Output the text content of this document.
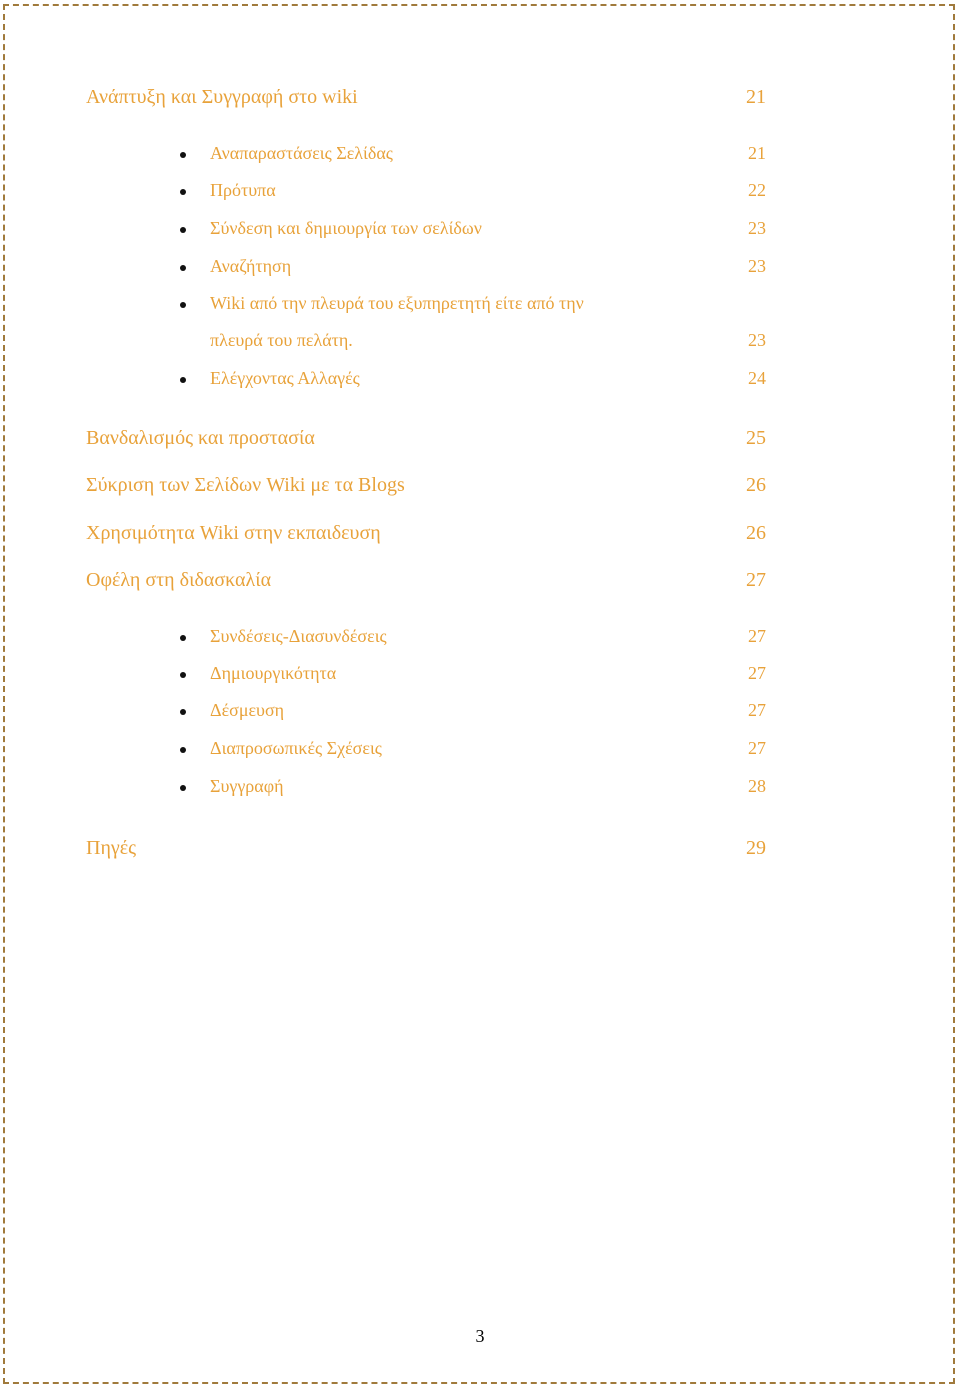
Ανάπτυξη και Συγγραφή στο wiki	21
Αναπαραστάσεις Σελίδας	21
Πρότυπα	22
Σύνδεση και δημιουργία των σελίδων	23
Αναζήτηση	23
Wiki από την πλευρά του εξυπηρετητή είτε από την
πλευρά του πελάτη.	23
Ελέγχοντας Αλλαγές	24
Βανδαλισμός και προστασία	25
Σύκριση των Σελίδων Wiki με τα Blogs	26
Χρησιμότητα Wiki στην εκπαιδευση	26
Οφέλη στη διδασκαλία	27
Συνδέσεις-Διασυνδέσεις	27
Δημιουργικότητα	27
Δέσμευση	27
Διαπροσωπικές Σχέσεις	27
Συγγραφή	28
Πηγές	29
3
